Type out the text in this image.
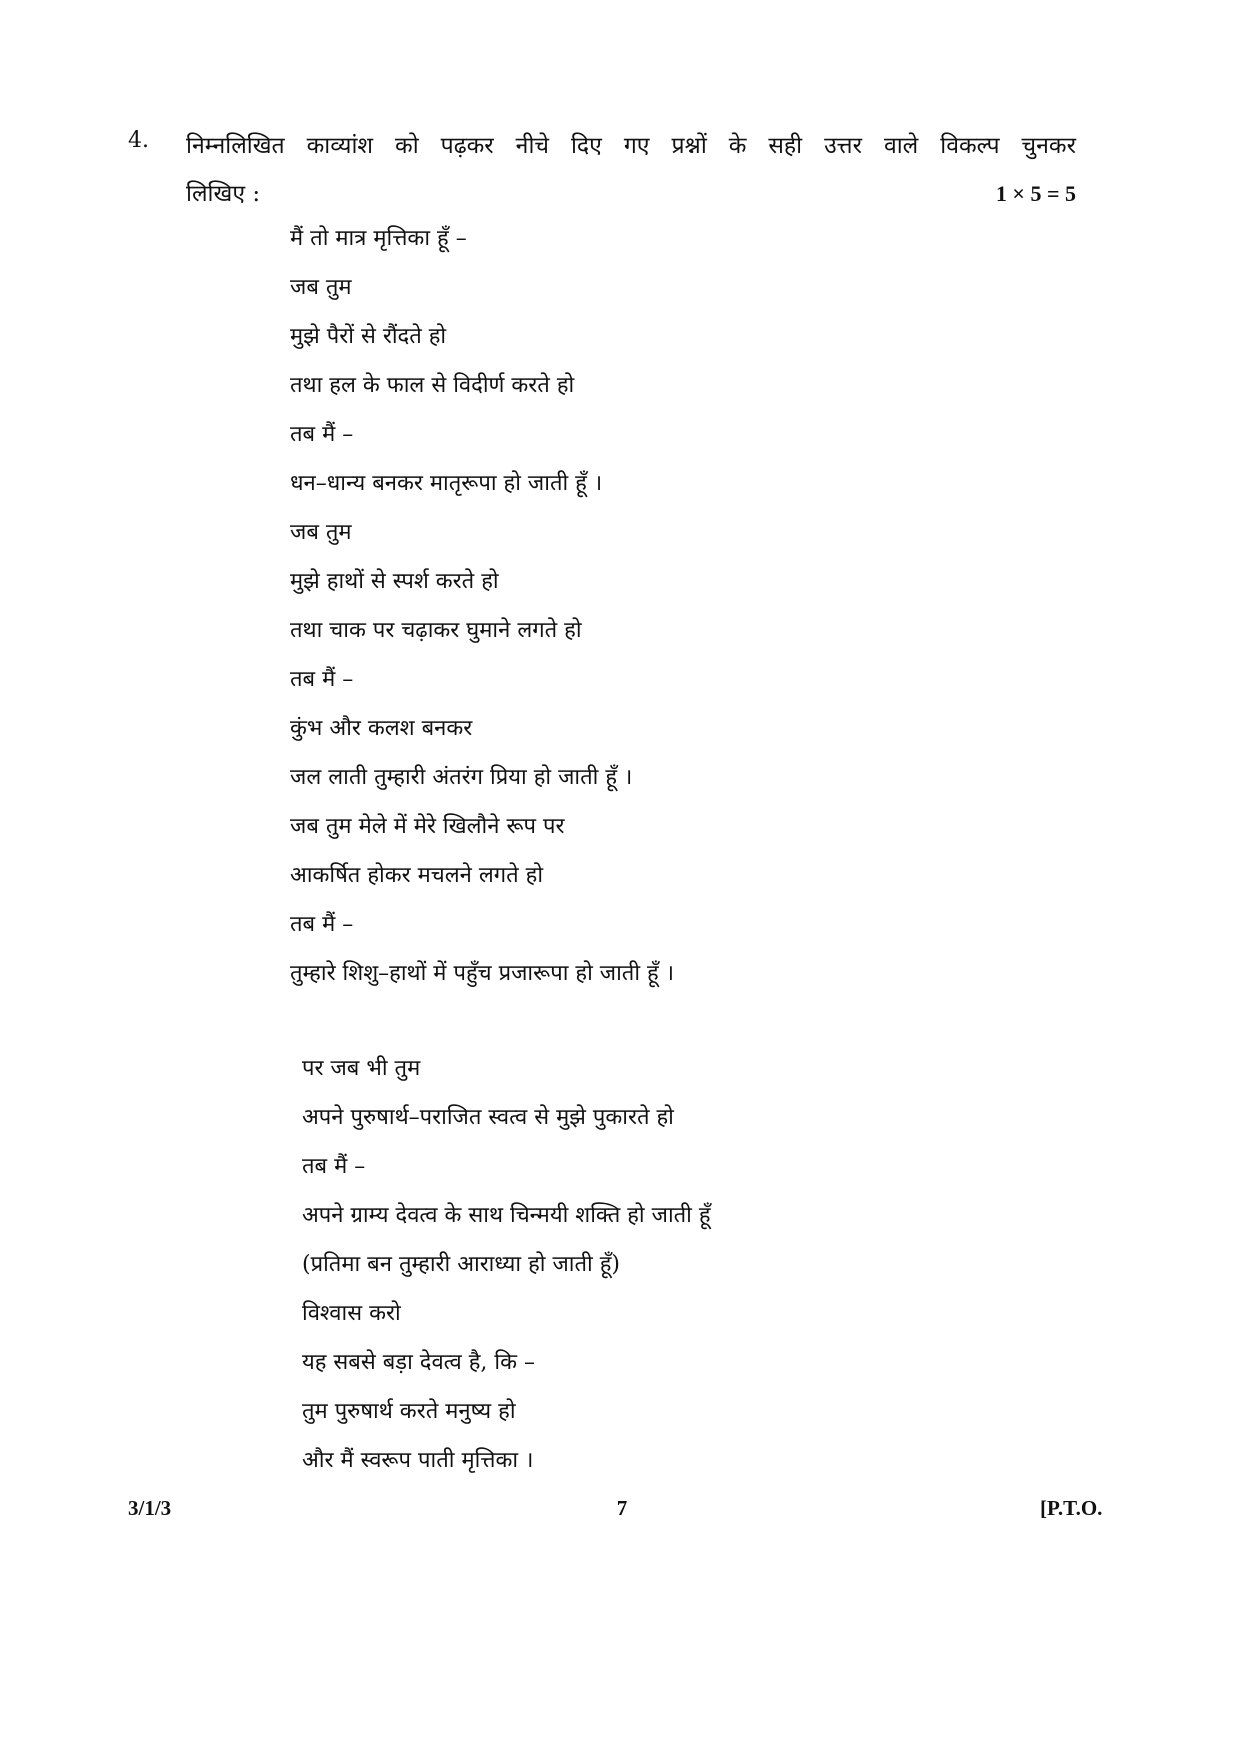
4. निम्नलिखित काव्यांश को पढ़कर नीचे दिए गए प्रश्नों के सही उत्तर वाले विकल्प चुनकर
लिखिए :	1 × 5 = 5
मैं तो मात्र मृत्तिका हूँ –
जब तुम
मुझे पैरों से रौंदते हो
तथा हल के फाल से विदीर्ण करते हो
तब मैं –
धन–धान्य बनकर मातृरूपा हो जाती हूँ ।
जब तुम
मुझे हाथों से स्पर्श करते हो
तथा चाक पर चढ़ाकर घुमाने लगते हो
तब मैं –
कुंभ और कलश बनकर
जल लाती तुम्हारी अंतरंग प्रिया हो जाती हूँ ।
जब तुम मेले में मेरे खिलौने रूप पर
आकर्षित होकर मचलने लगते हो
तब मैं –
तुम्हारे शिशु–हाथों में पहुँच प्रजारूपा हो जाती हूँ ।
पर जब भी तुम
अपने पुरुषार्थ–पराजित स्वत्व से मुझे पुकारते हो
तब मैं –
अपने ग्राम्य देवत्व के साथ चिन्मयी शक्ति हो जाती हूँ
(प्रतिमा बन तुम्हारी आराध्या हो जाती हूँ)
विश्वास करो
यह सबसे बड़ा देवत्व है, कि –
तुम पुरुषार्थ करते मनुष्य हो
और मैं स्वरूप पाती मृत्तिका ।
3/1/3	7	[P.T.O.
